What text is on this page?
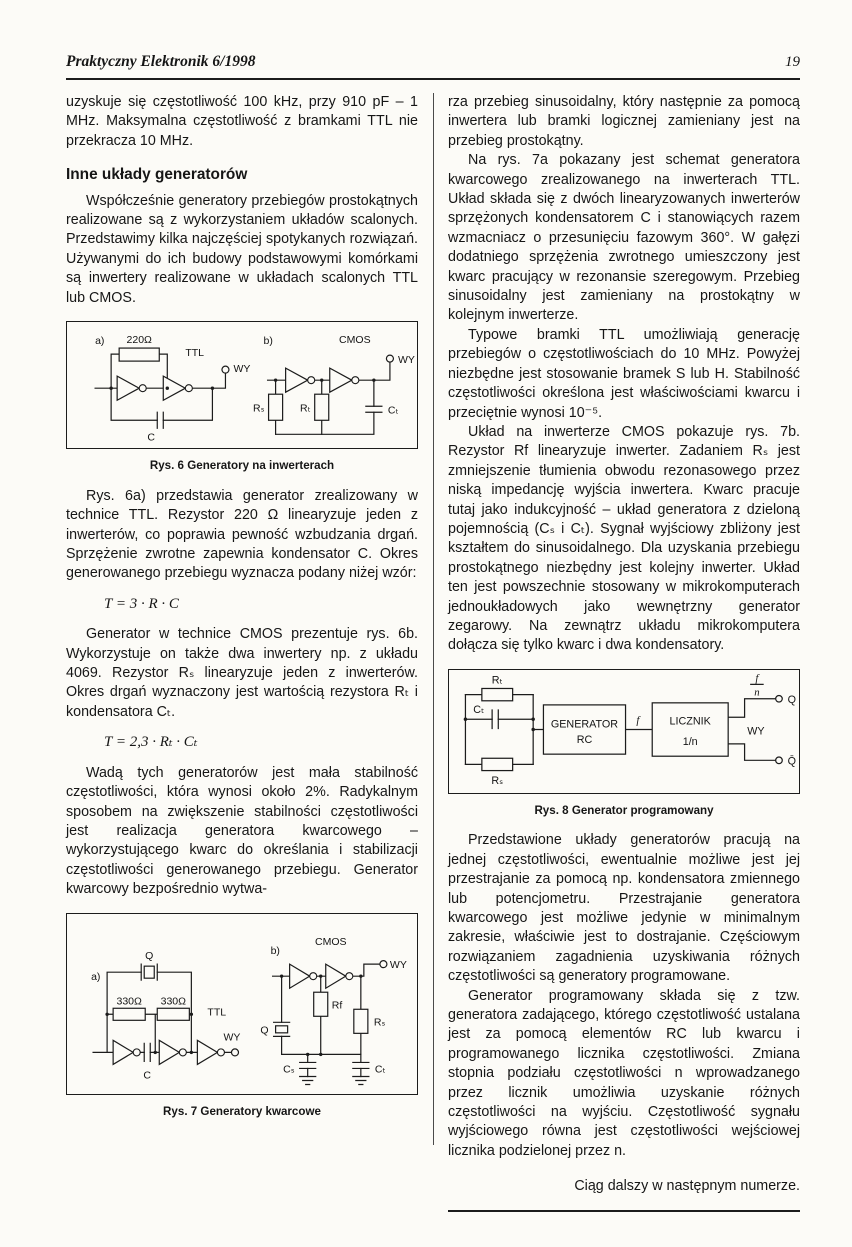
Praktyczny Elektronik 6/1998	19

uzyskuje się częstotliwość 100 kHz, przy 910 pF – 1 MHz. Maksymalna częstotliwość z bramkami TTL nie przekracza 10 MHz.

Inne układy generatorów

Współcześnie generatory przebiegów prostokątnych realizowane są z wykorzystaniem układów scalonych. Przedstawimy kilka najczęściej spotykanych rozwiązań. Używanymi do ich budowy podstawowymi komórkami są inwertery realizowane w układach scalonych TTL lub CMOS.

a) 220Ω
TTL
C
WY
b)	CMOS
Rₛ	Rₜ	Cₜ
WY
Rys. 6 Generatory na inwerterach

Rys. 6a) przedstawia generator zrealizowany w technice TTL. Rezystor 220 Ω linearyzuje jeden z inwerterów, co poprawia pewność wzbudzania drgań. Sprzężenie zwrotne zapewnia kondensator C. Okres generowanego przebiegu wyznacza podany niżej wzór:

T = 3 · R · C

Generator w technice CMOS prezentuje rys. 6b. Wykorzystuje on także dwa inwertery np. z układu 4069. Rezystor Rₛ linearyzuje jeden z inwerterów. Okres drgań wyznaczony jest wartością rezystora Rₜ i kondensatora Cₜ.

T = 2,3 · Rₜ · Cₜ

Wadą tych generatorów jest mała stabilność częstotliwości, która wynosi około 2%. Radykalnym sposobem na zwiększenie stabilności częstotliwości jest realizacja generatora kwarcowego – wykorzystującego kwarc do określania i stabilizacji częstotliwości generowanego przebiegu. Generator kwarcowy bezpośrednio wytwa-

a)
Q
330Ω 330Ω
TTL
C
WY
b)
CMOS
WY
Rf
Q
Rₛ
Cₛ	Cₜ
Rys. 7 Generatory kwarcowe

rza przebieg sinusoidalny, który następnie za pomocą inwertera lub bramki logicznej zamieniany jest na przebieg prostokątny.

Na rys. 7a pokazany jest schemat generatora kwarcowego zrealizowanego na inwerterach TTL. Układ składa się z dwóch linearyzowanych inwerterów sprzężonych kondensatorem C i stanowiących razem wzmacniacz o przesunięciu fazowym 360°. W gałęzi dodatniego sprzężenia zwrotnego umieszczony jest kwarc pracujący w rezonansie szeregowym. Przebieg sinusoidalny jest zamieniany na prostokątny w kolejnym inwerterze.

Typowe bramki TTL umożliwiają generację przebiegów o częstotliwościach do 10 MHz. Powyżej niezbędne jest stosowanie bramek S lub H. Stabilność częstotliwości określona jest właściwościami kwarcu i przeciętnie wynosi 10⁻⁵.

Układ na inwerterze CMOS pokazuje rys. 7b. Rezystor Rf linearyzuje inwerter. Zadaniem Rₛ jest zmniejszenie tłumienia obwodu rezonasowego przez niską impedancję wyjścia inwertera. Kwarc pracuje tutaj jako indukcyjność – układ generatora z dzieloną pojemnością (Cₛ i Cₜ). Sygnał wyjściowy zbliżony jest kształtem do sinusoidalnego. Dla uzyskania przebiegu prostokątnego niezbędny jest kolejny inwerter. Układ ten jest powszechnie stosowany w mikrokomputerach jednoukładowych jako wewnętrzny generator zegarowy. Na zewnątrz układu mikrokomputera dołącza się tylko kwarc i dwa kondensatory.

Rₜ
Cₜ
Rₛ
GENERATOR
RC
f	LICZNIK
1/n
f
n
Q
WY
Q̄
Rys. 8 Generator programowany

Przedstawione układy generatorów pracują na jednej częstotliwości, ewentualnie możliwe jest jej przestrajanie za pomocą np. kondensatora zmiennego lub potencjometru. Przestrajanie generatora kwarcowego jest możliwe jedynie w minimalnym zakresie, właściwie jest to dostrajanie. Częściowym rozwiązaniem zagadnienia uzyskiwania różnych częstotliwości są generatory programowane.

Generator programowany składa się z tzw. generatora zadającego, którego częstotliwość ustalana jest za pomocą elementów RC lub kwarcu i programowanego licznika częstotliwości. Zmiana stopnia podziału częstotliwości n wprowadzanego przez licznik umożliwia uzyskanie różnych częstotliwości na wyjściu. Częstotliwość sygnału wyjściowego równa jest częstotliwości wejściowej licznika podzielonej przez n.

Ciąg dalszy w następnym numerze.
